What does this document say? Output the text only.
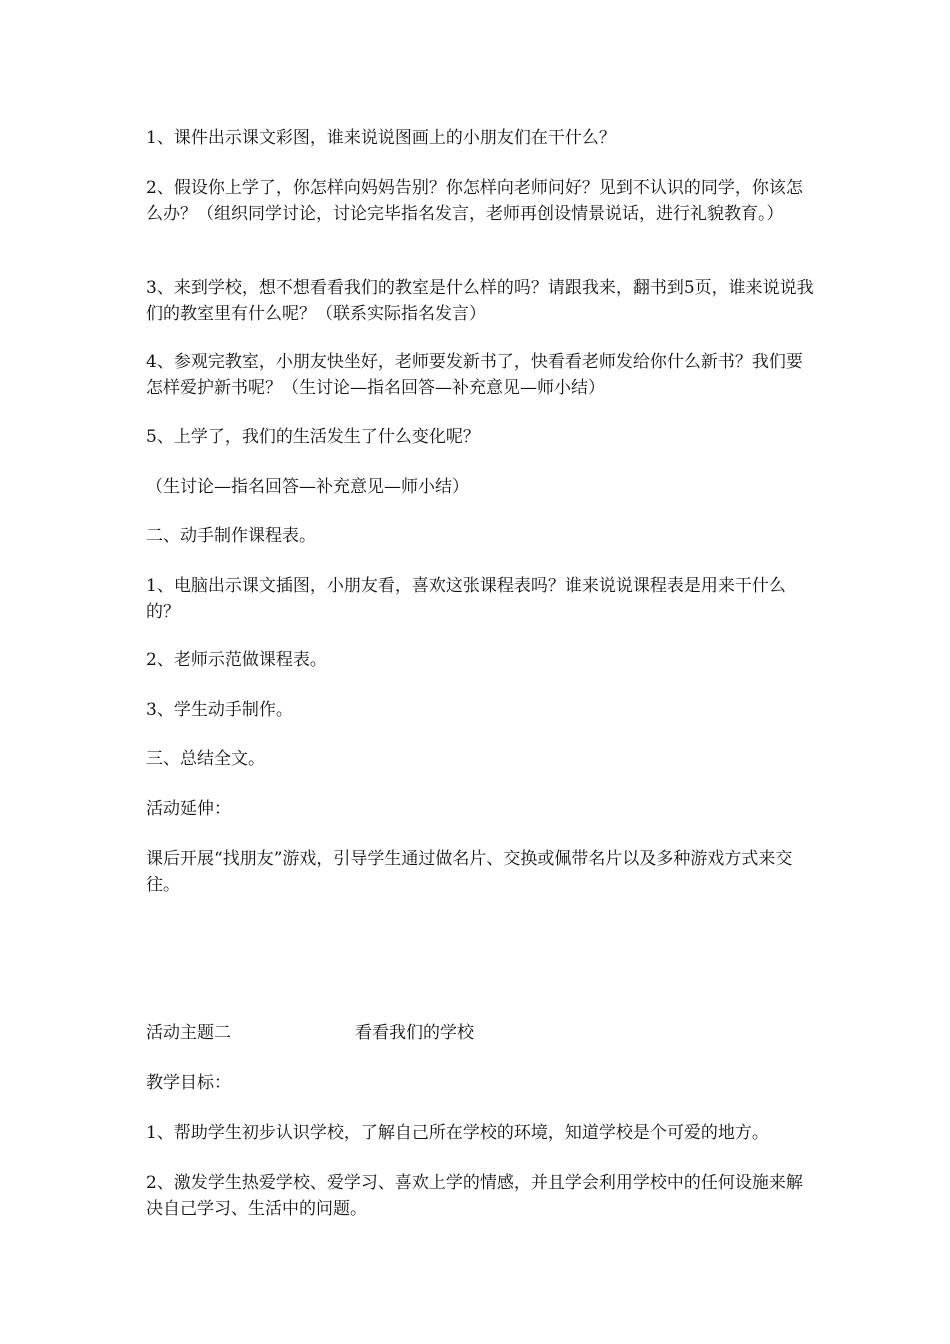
1、课件出示课文彩图，谁来说说图画上的小朋友们在干什么？

2、假设你上学了，你怎样向妈妈告别？你怎样向老师问好？见到不认识的同学，你该怎么办？（组织同学讨论，讨论完毕指名发言，老师再创设情景说话，进行礼貌教育。）

3、来到学校，想不想看看我们的教室是什么样的吗？请跟我来，翻书到5页，谁来说说我们的教室里有什么呢？（联系实际指名发言）

4、参观完教室，小朋友快坐好，老师要发新书了，快看看老师发给你什么新书？我们要怎样爱护新书呢？（生讨论—指名回答—补充意见—师小结）

5、上学了，我们的生活发生了什么变化呢？

（生讨论—指名回答—补充意见—师小结）

二、动手制作课程表。

1、电脑出示课文插图，小朋友看，喜欢这张课程表吗？谁来说说课程表是用来干什么的？

2、老师示范做课程表。

3、学生动手制作。

三、总结全文。

活动延伸：

课后开展“找朋友”游戏，引导学生通过做名片、交换或佩带名片以及多种游戏方式来交往。

活动主题二	看看我们的学校

教学目标：

1、帮助学生初步认识学校，了解自己所在学校的环境，知道学校是个可爱的地方。

2、激发学生热爱学校、爱学习、喜欢上学的情感，并且学会利用学校中的任何设施来解决自己学习、生活中的问题。
